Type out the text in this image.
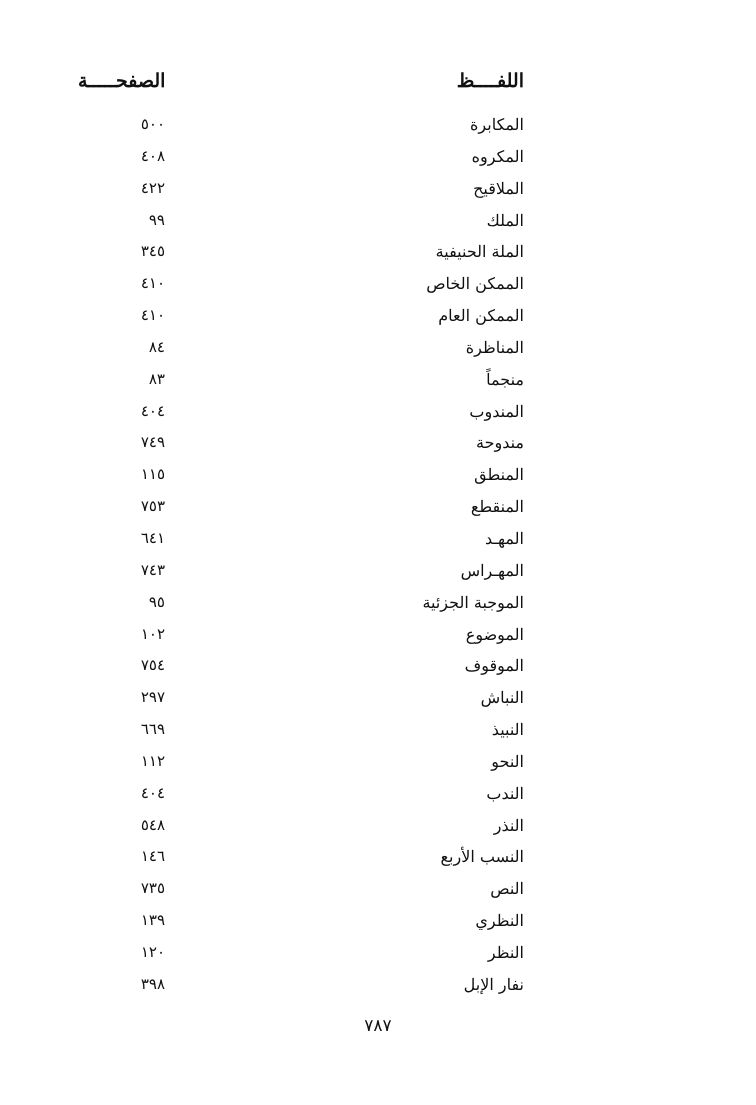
اللفــــظ
الصفحـــــة
المكابرة
٥٠٠
المكروه
٤٠٨
الملاقيح
٤٢٢
الملك
٩٩
الملة الحنيفية
٣٤٥
الممكن الخاص
٤١٠
الممكن العام
٤١٠
المناظرة
٨٤
منجماً
٨٣
المندوب
٤٠٤
مندوحة
٧٤٩
المنطق
١١٥
المنقطع
٧٥٣
المهـد
٦٤١
المهـراس
٧٤٣
الموجبة الجزئية
٩٥
الموضوع
١٠٢
الموقوف
٧٥٤
النباش
٢٩٧
النبيذ
٦٦٩
النحو
١١٢
الندب
٤٠٤
النذر
٥٤٨
النسب الأربع
١٤٦
النص
٧٣٥
النظري
١٣٩
النظر
١٢٠
نفار الإبل
٣٩٨
٧٨٧
